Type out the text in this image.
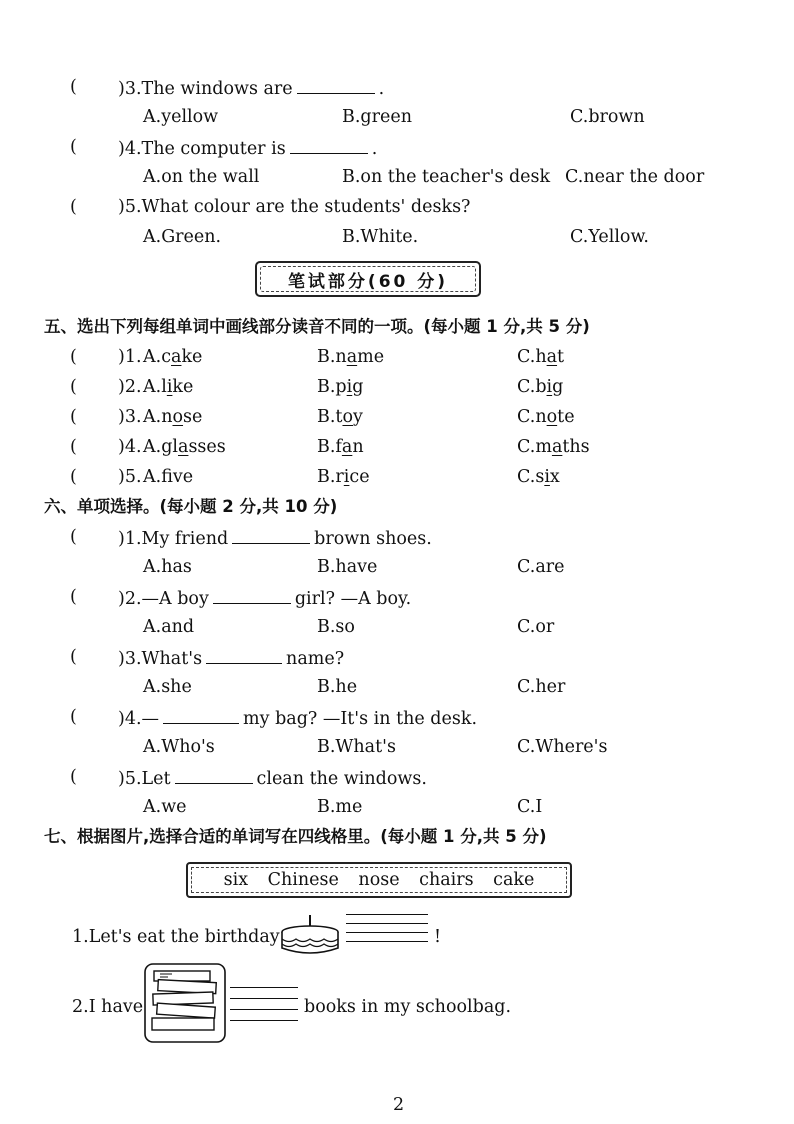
( )3.The windows are	.
A.yellow	B.green	C.brown
( )4.The computer is	.
A.on the wall	B.on the teacher's desk C.near the door
( )5.What colour are the students' desks?
A.Green.	B.White.	C.Yellow.
笔试部分(60 分)
五、选出下列每组单词中画线部分读音不同的一项。(每小题 1 分,共 5 分)
( )1. A.cake	B.name	C.hat
( )2. A.like	B.pig	C.big
( )3. A.nose	B.toy	C.note
( )4. A.glasses	B.fan	C.maths
( )5. A.fve	B.rice	C.six
六、单项选择。(每小题 2 分,共 10 分)
( )1.My friend	brown shoes.
A.has	B.have	C.are
( )2.—A boy	girl? —A boy.
A.and	B.so	C.or
( )3.What's	name?
A.she	B.he	C.her
( )4.—	my bag? —It's in the desk.
A.Who's	B.What's	C.Where's
( )5.Let	clean the windows.
A.we	B.me	C.I
七、根据图片,选择合适的单词写在四线格里。(每小题 1 分,共 5 分)
six Chinese nose chairs cake
1.Let's eat the birthday	!
2.I have	books in my schoolbag.
2
